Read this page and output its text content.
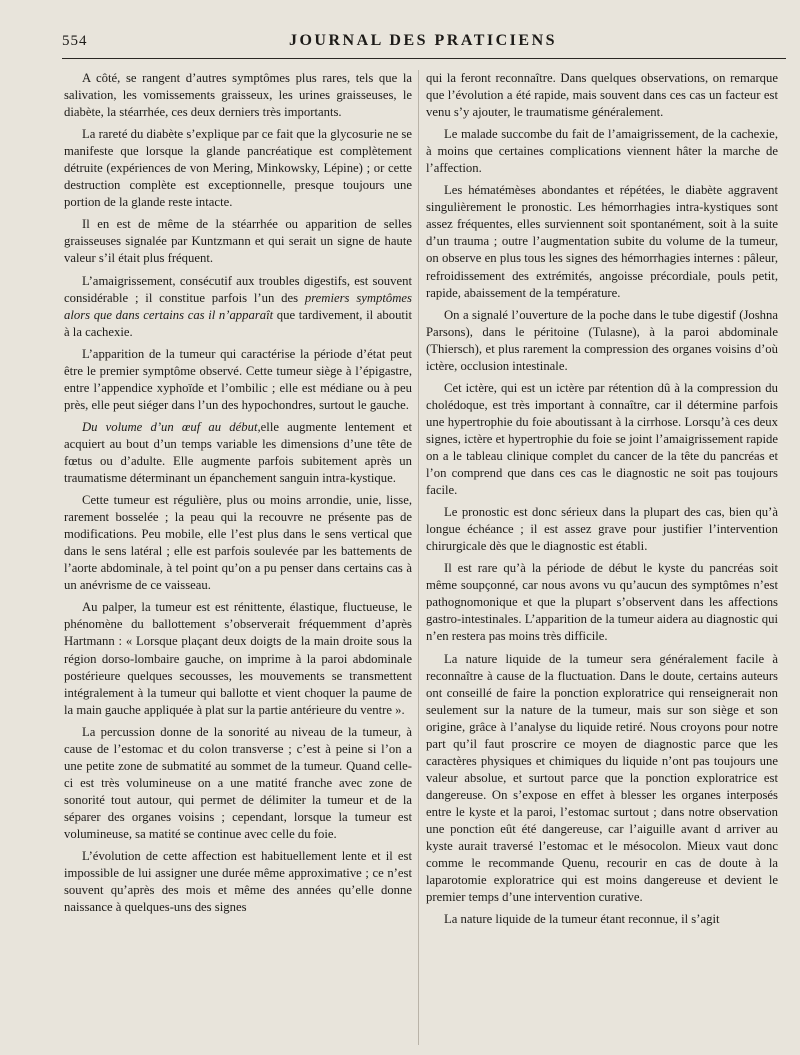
554	JOURNAL DES PRATICIENS

A côté, se rangent d’autres symptômes plus rares, tels que la salivation, les vomissements graisseux, les urines graisseuses, le diabète, la stéarrhée, ces deux derniers très importants.

La rareté du diabète s’explique par ce fait que la glycosurie ne se manifeste que lorsque la glande pancréatique est complètement détruite (expériences de von Mering, Minkowsky, Lépine) ; or cette destruction complète est exceptionnelle, presque toujours une portion de la glande reste intacte.

Il en est de même de la stéarrhée ou apparition de selles graisseuses signalée par Kuntzmann et qui serait un signe de haute valeur s’il était plus fréquent.

L’amaigrissement, consécutif aux troubles digestifs, est souvent considérable ; il constitue parfois l’un des premiers symptômes alors que dans certains cas il n’apparaît que tardivement, il aboutit à la cachexie.

L’apparition de la tumeur qui caractérise la période d’état peut être le premier symptôme observé. Cette tumeur siège à l’épigastre, entre l’appendice xyphoïde et l’ombilic ; elle est médiane ou à peu près, elle peut siéger dans l’un des hypochondres, surtout le gauche.

Du volume d’un œuf au début,elle augmente lentement et acquiert au bout d’un temps variable les dimensions d’une tête de fœtus ou d’adulte. Elle augmente parfois subitement après un traumatisme déterminant un épanchement sanguin intra-kystique.

Cette tumeur est régulière, plus ou moins arrondie, unie, lisse, rarement bosselée ; la peau qui la recouvre ne présente pas de modifications. Peu mobile, elle l’est plus dans le sens vertical que dans le sens latéral ; elle est parfois soulevée par les battements de l’aorte abdominale, à tel point qu’on a pu penser dans certains cas à un anévrisme de ce vaisseau.

Au palper, la tumeur est est rénittente, élastique, fluctueuse, le phénomène du ballottement s’observerait fréquemment d’après Hartmann : « Lorsque plaçant deux doigts de la main droite sous la région dorso-lombaire gauche, on imprime à la paroi abdominale postérieure quelques secousses, les mouvements se transmettent intégralement à la tumeur qui ballotte et vient choquer la paume de la main gauche appliquée à plat sur la partie antérieure du ventre ».

La percussion donne de la sonorité au niveau de la tumeur, à cause de l’estomac et du colon transverse ; c’est à peine si l’on a une petite zone de submatité au sommet de la tumeur. Quand celle-ci est très volumineuse on a une matité franche avec zone de sonorité tout autour, qui permet de délimiter la tumeur et de la séparer des organes voisins ; cependant, lorsque la tumeur est volumineuse, sa matité se continue avec celle du foie.

L’évolution de cette affection est habituellement lente et il est impossible de lui assigner une durée même approximative ; ce n’est souvent qu’après des mois et même des années qu’elle donne naissance à quelques-uns des signes

qui la feront reconnaître. Dans quelques observations, on remarque que l’évolution a été rapide, mais souvent dans ces cas un facteur est venu s’y ajouter, le traumatisme généralement.

Le malade succombe du fait de l’amaigrissement, de la cachexie, à moins que certaines complications viennent hâter la marche de l’affection.

Les hématémèses abondantes et répétées, le diabète aggravent singulièrement le pronostic. Les hémorrhagies intra-kystiques sont assez fréquentes, elles surviennent soit spontanément, soit à la suite d’un trauma ; outre l’augmentation subite du volume de la tumeur, on observe en plus tous les signes des hémorrhagies internes : pâleur, refroidissement des extrémités, angoisse précordiale, pouls petit, rapide, abaissement de la température.

On a signalé l’ouverture de la poche dans le tube digestif (Joshna Parsons), dans le péritoine (Tulasne), à la paroi abdominale (Thiersch), et plus rarement la compression des organes voisins d’où ictère, occlusion intestinale.

Cet ictère, qui est un ictère par rétention dû à la compression du cholédoque, est très important à connaître, car il détermine parfois une hypertrophie du foie aboutissant à la cirrhose. Lorsqu’à ces deux signes, ictère et hypertrophie du foie se joint l’amaigrissement rapide on a le tableau clinique complet du cancer de la tête du pancréas et l’on comprend que dans ces cas le diagnostic ne soit pas toujours facile.

Le pronostic est donc sérieux dans la plupart des cas, bien qu’à longue échéance ; il est assez grave pour justifier l’intervention chirurgicale dès que le diagnostic est établi.

Il est rare qu’à la période de début le kyste du pancréas soit même soupçonné, car nous avons vu qu’aucun des symptômes n’est pathognomonique et que la plupart s’observent dans les affections gastro-intestinales. L’apparition de la tumeur aidera au diagnostic qui n’en restera pas moins très difficile.

La nature liquide de la tumeur sera généralement facile à reconnaître à cause de la fluctuation. Dans le doute, certains auteurs ont conseillé de faire la ponction exploratrice qui renseignerait non seulement sur la nature de la tumeur, mais sur son siège et son origine, grâce à l’analyse du liquide retiré. Nous croyons pour notre part qu’il faut proscrire ce moyen de diagnostic parce que les caractères physiques et chimiques du liquide n’ont pas toujours une valeur absolue, et surtout parce que la ponction exploratrice est dangereuse. On s’expose en effet à blesser les organes interposés entre le kyste et la paroi, l’estomac surtout ; dans notre observation une ponction eût été dangereuse, car l’aiguille avant d arriver au kyste aurait traversé l’estomac et le mésocolon. Mieux vaut donc comme le recommande Quenu, recourir en cas de doute à la laparotomie exploratrice qui est moins dangereuse et devient le premier temps d’une intervention curative.

La nature liquide de la tumeur étant reconnue, il s’agit
